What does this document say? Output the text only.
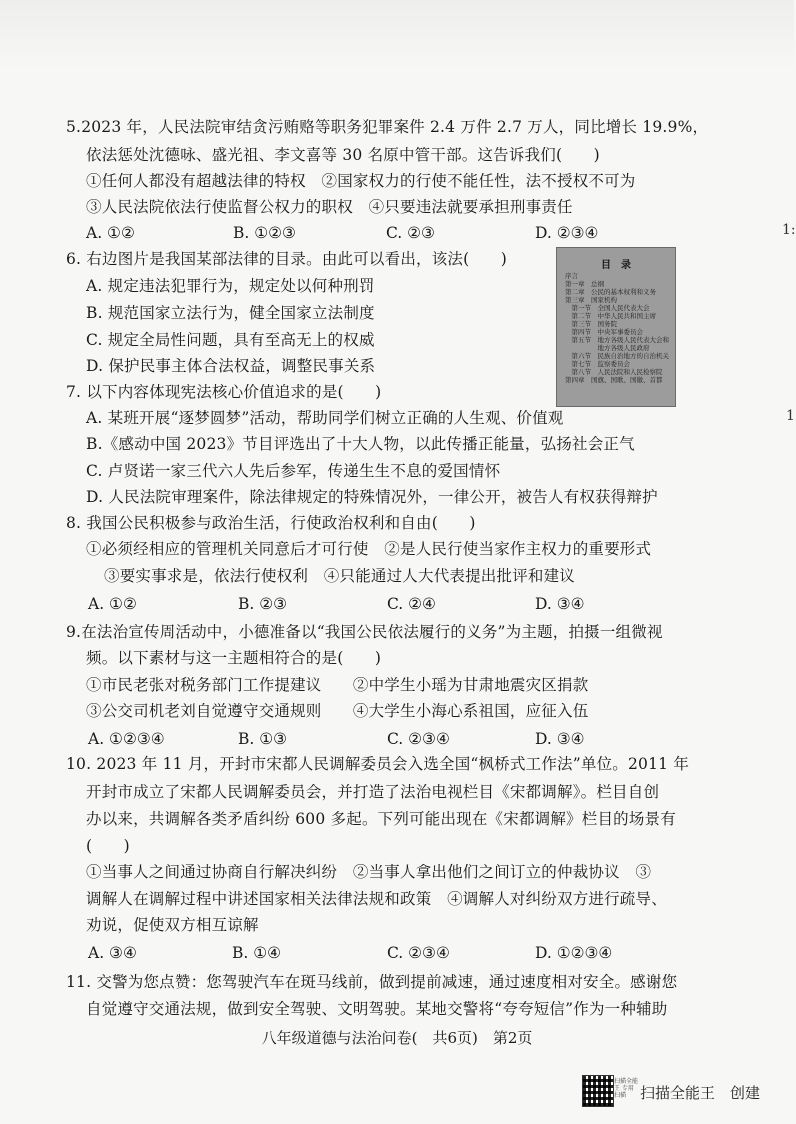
5.2023 年，人民法院审结贪污贿赂等职务犯罪案件 2.4 万件 2.7 万人，同比增长 19.9%，
依法惩处沈德咏、盛光祖、李文喜等 30 名原中管干部。这告诉我们(　　)
①任何人都没有超越法律的特权　②国家权力的行使不能任性，法不授权不可为
③人民法院依法行使监督公权力的职权　④只要违法就要承担刑事责任
A. ①②	B. ①②③	C. ②③	D. ②③④
6. 右边图片是我国某部法律的目录。由此可以看出，该法(　　)
A. 规定违法犯罪行为，规定处以何种刑罚
B. 规范国家立法行为，健全国家立法制度
C. 规定全局性问题，具有至高无上的权威
D. 保护民事主体合法权益，调整民事关系
目　录
序言
第一章　总纲
第二章　公民的基本权利和义务
第三章　国家机构
　第一节　全国人民代表大会
　第二节　中华人民共和国主席
　第三节　国务院
　第四节　中央军事委员会
　第五节　地方各级人民代表大会和
　　　　　地方各级人民政府
　第六节　民族自治地方的自治机关
　第七节　监察委员会
　第八节　人民法院和人民检察院
第四章　国旗、国歌、国徽、首都
7. 以下内容体现宪法核心价值追求的是(　　)
A. 某班开展“逐梦圆梦”活动，帮助同学们树立正确的人生观、价值观
B.《感动中国 2023》节目评选出了十大人物，以此传播正能量，弘扬社会正气
C. 卢贤诺一家三代六人先后参军，传递生生不息的爱国情怀
D. 人民法院审理案件，除法律规定的特殊情况外，一律公开，被告人有权获得辩护
8. 我国公民积极参与政治生活，行使政治权利和自由(　　)
①必须经相应的管理机关同意后才可行使　②是人民行使当家作主权力的重要形式
③要实事求是，依法行使权利　④只能通过人大代表提出批评和建议
A. ①②	B. ②③	C. ②④	D. ③④
9.在法治宣传周活动中，小德准备以“我国公民依法履行的义务”为主题，拍摄一组微视
频。以下素材与这一主题相符合的是(　　)
①市民老张对税务部门工作提建议　　②中学生小瑶为甘肃地震灾区捐款
③公交司机老刘自觉遵守交通规则　　④大学生小海心系祖国，应征入伍
A. ①②③④	B. ①③	C. ②③④	D. ③④
10. 2023 年 11 月，开封市宋都人民调解委员会入选全国“枫桥式工作法”单位。2011 年
开封市成立了宋都人民调解委员会，并打造了法治电视栏目《宋都调解》。栏目自创
办以来，共调解各类矛盾纠纷 600 多起。下列可能出现在《宋都调解》栏目的场景有
(　　)
①当事人之间通过协商自行解决纠纷　②当事人拿出他们之间订立的仲裁协议　③
调解人在调解过程中讲述国家相关法律法规和政策　④调解人对纠纷双方进行疏导、
劝说，促使双方相互谅解
A. ③④	B. ①④	C. ②③④	D. ①②③④
11. 交警为您点赞：您驾驶汽车在斑马线前，做到提前减速，通过速度相对安全。感谢您
自觉遵守交通法规，做到安全驾驶、文明驾驶。某地交警将“夸夸短信”作为一种辅助
1:
1
八年级道德与法治问卷(　共6页)　第2页
扫描全能王 专用扫描 扫描全能王　创建
